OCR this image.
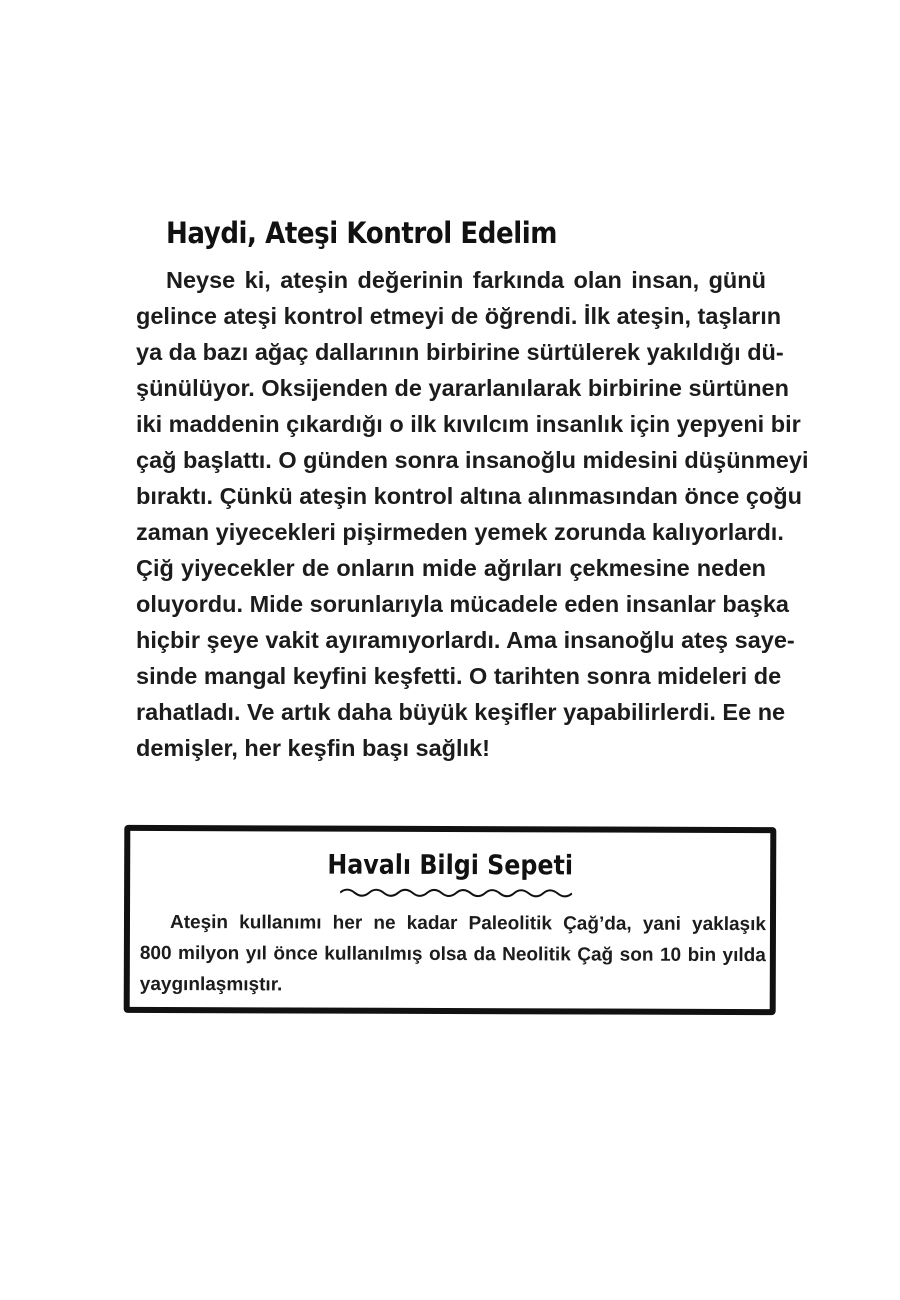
Haydi, Ateşi Kontrol Edelim
Neyse ki, ateşin değerinin farkında olan insan, günü
gelince ateşi kontrol etmeyi de öğrendi. İlk ateşin, taşların
ya da bazı ağaç dallarının birbirine sürtülerek yakıldığı dü-
şünülüyor. Oksijenden de yararlanılarak birbirine sürtünen
iki maddenin çıkardığı o ilk kıvılcım insanlık için yepyeni bir
çağ başlattı. O günden sonra insanoğlu midesini düşünmeyi
bıraktı. Çünkü ateşin kontrol altına alınmasından önce çoğu
zaman yiyecekleri pişirmeden yemek zorunda kalıyorlardı.
Çiğ yiyecekler de onların mide ağrıları çekmesine neden
oluyordu. Mide sorunlarıyla mücadele eden insanlar başka
hiçbir şeye vakit ayıramıyorlardı. Ama insanoğlu ateş saye-
sinde mangal keyfini keşfetti. O tarihten sonra mideleri de
rahatladı. Ve artık daha büyük keşifler yapabilirlerdi. Ee ne
demişler, her keşfin başı sağlık!
Havalı Bilgi Sepeti
Ateşin kullanımı her ne kadar Paleolitik Çağ’da, yani yaklaşık
800 milyon yıl önce kullanılmış olsa da Neolitik Çağ son 10 bin yılda
yaygınlaşmıştır.
